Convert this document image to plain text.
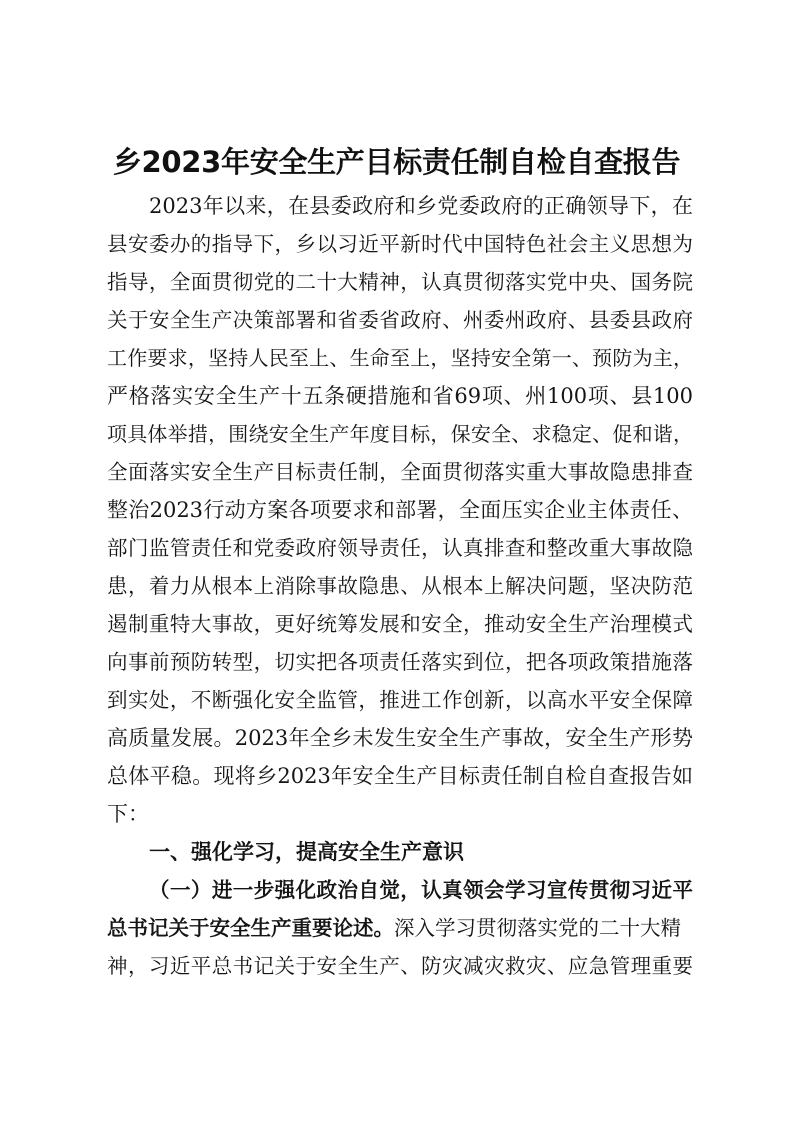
乡2023年安全生产目标责任制自检自查报告
2023年以来，在县委政府和乡党委政府的正确领导下，在
县安委办的指导下，乡以习近平新时代中国特色社会主义思想为
指导，全面贯彻党的二十大精神，认真贯彻落实党中央、国务院
关于安全生产决策部署和省委省政府、州委州政府、县委县政府
工作要求，坚持人民至上、生命至上，坚持安全第一、预防为主，
严格落实安全生产十五条硬措施和省69项、州100项、县100
项具体举措，围绕安全生产年度目标，保安全、求稳定、促和谐，
全面落实安全生产目标责任制，全面贯彻落实重大事故隐患排查
整治2023行动方案各项要求和部署，全面压实企业主体责任、
部门监管责任和党委政府领导责任，认真排查和整改重大事故隐
患，着力从根本上消除事故隐患、从根本上解决问题，坚决防范
遏制重特大事故，更好统筹发展和安全，推动安全生产治理模式
向事前预防转型，切实把各项责任落实到位，把各项政策措施落
到实处，不断强化安全监管，推进工作创新，以高水平安全保障
高质量发展。2023年全乡未发生安全生产事故，安全生产形势
总体平稳。现将乡2023年安全生产目标责任制自检自查报告如
下：
一、强化学习，提高安全生产意识
（一）进一步强化政治自觉，认真领会学习宣传贯彻习近平
总书记关于安全生产重要论述。深入学习贯彻落实党的二十大精
神，习近平总书记关于安全生产、防灾减灾救灾、应急管理重要
